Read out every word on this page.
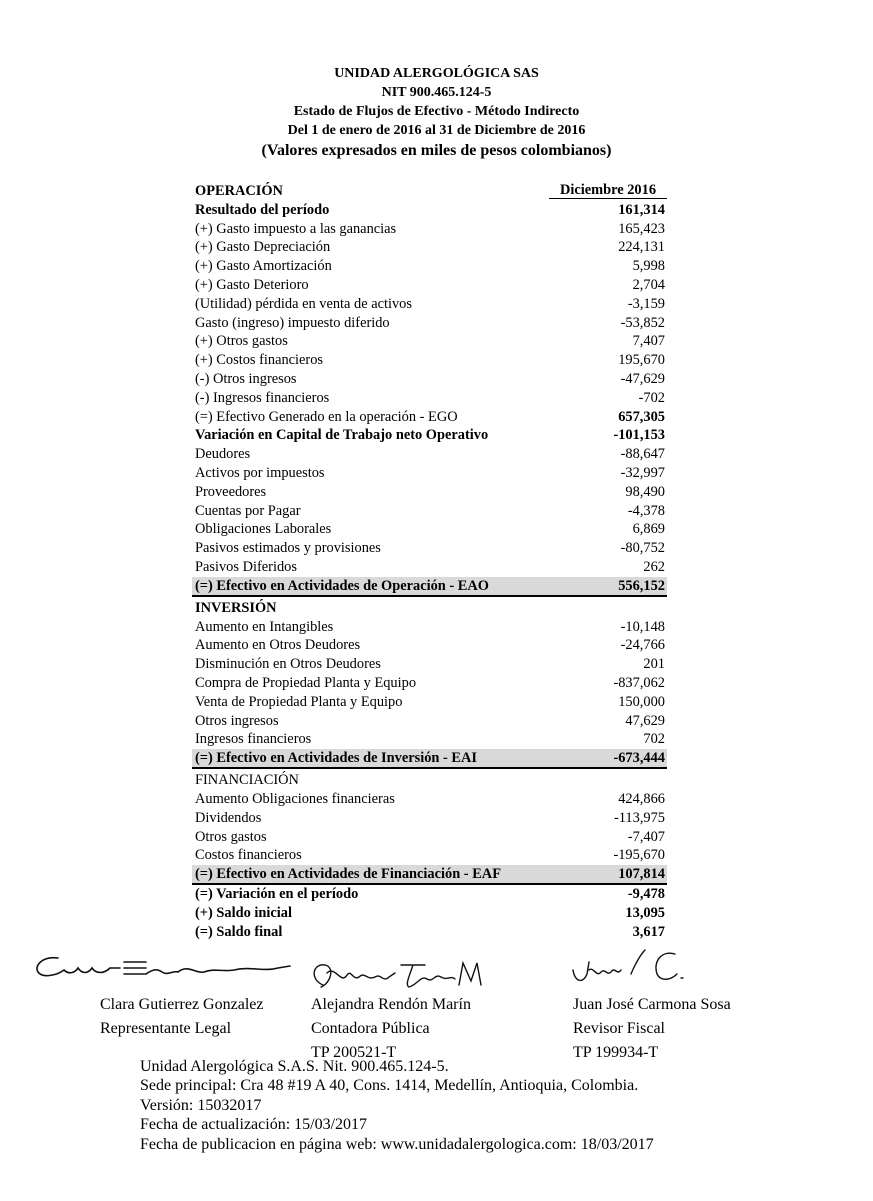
UNIDAD ALERGOLÓGICA SAS
NIT 900.465.124-5
Estado de Flujos de Efectivo - Método Indirecto
Del 1 de enero de 2016 al 31 de Diciembre de 2016
(Valores expresados en miles de pesos colombianos)
OPERACIÓN	Diciembre 2016
Resultado del período	161,314
(+) Gasto impuesto a las ganancias	165,423
(+) Gasto Depreciación	224,131
(+) Gasto Amortización	5,998
(+) Gasto Deterioro	2,704
(Utilidad) pérdida en venta de activos	-3,159
Gasto (ingreso) impuesto diferido	-53,852
(+) Otros gastos	7,407
(+) Costos financieros	195,670
(-) Otros ingresos	-47,629
(-) Ingresos financieros	-702
(=) Efectivo Generado en la operación - EGO	657,305
Variación en Capital de Trabajo neto Operativo	-101,153
Deudores	-88,647
Activos por impuestos	-32,997
Proveedores	98,490
Cuentas por Pagar	-4,378
Obligaciones Laborales	6,869
Pasivos estimados y provisiones	-80,752
Pasivos Diferidos	262
(=) Efectivo en Actividades de Operación - EAO	556,152
INVERSIÓN
Aumento en Intangibles	-10,148
Aumento en Otros Deudores	-24,766
Disminución en Otros Deudores	201
Compra de Propiedad Planta y Equipo	-837,062
Venta de Propiedad Planta y Equipo	150,000
Otros ingresos	47,629
Ingresos financieros	702
(=) Efectivo en Actividades de Inversión - EAI	-673,444
FINANCIACIÓN
Aumento Obligaciones financieras	424,866
Dividendos	-113,975
Otros gastos	-7,407
Costos financieros	-195,670
(=) Efectivo en Actividades de Financiación - EAF	107,814
(=) Variación en el período	-9,478
(+) Saldo inicial	13,095
(=) Saldo final	3,617
Clara Gutierrez Gonzalez
Representante Legal
Alejandra Rendón Marín
Contadora Pública
TP 200521-T
Juan José Carmona Sosa
Revisor Fiscal
TP 199934-T
Unidad Alergológica S.A.S. Nit. 900.465.124-5.
Sede principal: Cra 48 #19 A 40, Cons. 1414, Medellín, Antioquia, Colombia.
Versión: 15032017
Fecha de actualización: 15/03/2017
Fecha de publicacion en página web: www.unidadalergologica.com: 18/03/2017
